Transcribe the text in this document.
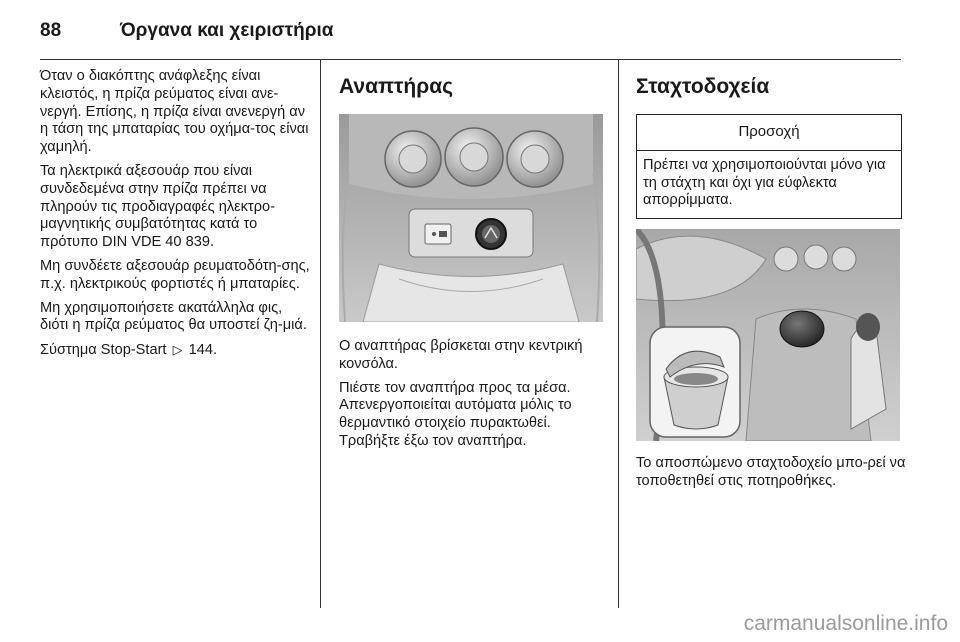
88	Όργανα και χειριστήρια

Όταν ο διακόπτης ανάφλεξης είναι κλειστός, η πρίζα ρεύματος είναι ανε-νεργή. Επίσης, η πρίζα είναι ανενεργή αν η τάση της μπαταρίας του οχήμα-τος είναι χαμηλή.

Τα ηλεκτρικά αξεσουάρ που είναι συνδεδεμένα στην πρίζα πρέπει να πληρούν τις προδιαγραφές ηλεκτρο-μαγνητικής συμβατότητας κατά το πρότυπο DIN VDE 40 839.

Μη συνδέετε αξεσουάρ ρευματοδότη-σης, π.χ. ηλεκτρικούς φορτιστές ή μπαταρίες.

Μη χρησιμοποιήσετε ακατάλληλα φις, διότι η πρίζα ρεύματος θα υποστεί ζη-μιά.

Σύστημα Stop-Start ▷ 144.

Αναπτήρας

Ο αναπτήρας βρίσκεται στην κεντρική κονσόλα.

Πιέστε τον αναπτήρα προς τα μέσα. Απενεργοποιείται αυτόματα μόλις το θερμαντικό στοιχείο πυρακτωθεί. Τραβήξτε έξω τον αναπτήρα.

Σταχτοδοχεία
Προσοχή
Πρέπει να χρησιμοποιούνται μόνο για τη στάχτη και όχι για εύφλεκτα απορρίμματα.

Το αποσπώμενο σταχτοδοχείο μπο-ρεί να τοποθετηθεί στις ποτηροθήκες.

carmanualsonline.info
